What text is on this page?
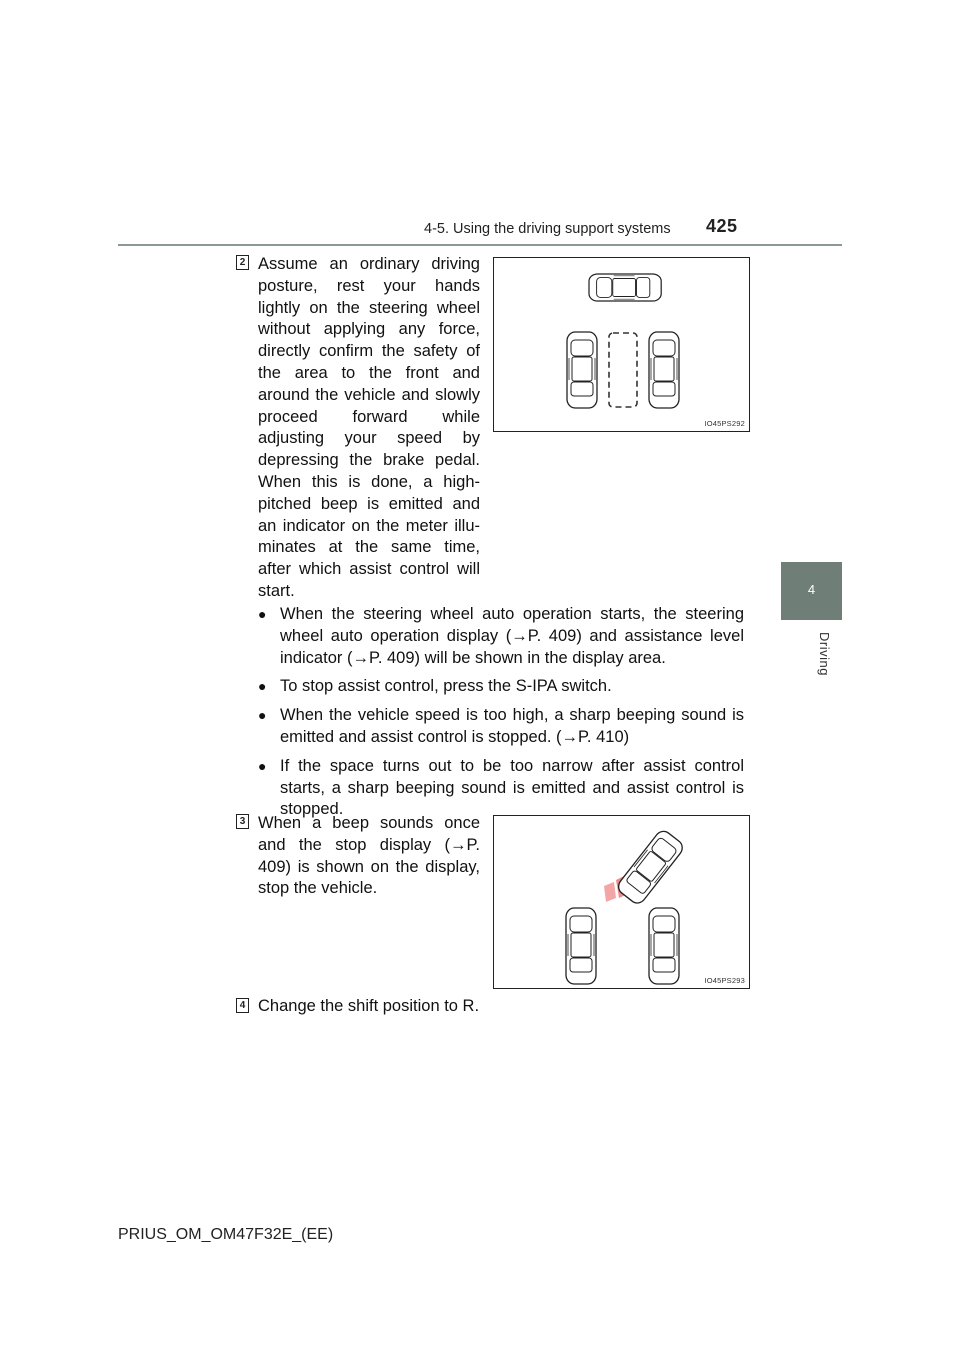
4-5. Using the driving support systems 425
4
Driving
2 Assume an ordinary driving posture, rest your hands lightly on the steering wheel without applying any force, directly confirm the safety of the area to the front and around the vehicle and slowly proceed forward while adjusting your speed by depressing the brake pedal. When this is done, a high-pitched beep is emitted and an indicator on the meter illu-minates at the same time, after which assist control will start.
IO45PS292
● When the steering wheel auto operation starts, the steering wheel auto operation display (→P. 409) and assistance level indicator (→P. 409) will be shown in the display area.
● To stop assist control, press the S-IPA switch.
● When the vehicle speed is too high, a sharp beeping sound is emitted and assist control is stopped. (→P. 410)
● If the space turns out to be too narrow after assist control starts, a sharp beeping sound is emitted and assist control is stopped.
3 When a beep sounds once and the stop display (→P. 409) is shown on the display, stop the vehicle.
IO45PS293
4 Change the shift position to R.
PRIUS_OM_OM47F32E_(EE)
